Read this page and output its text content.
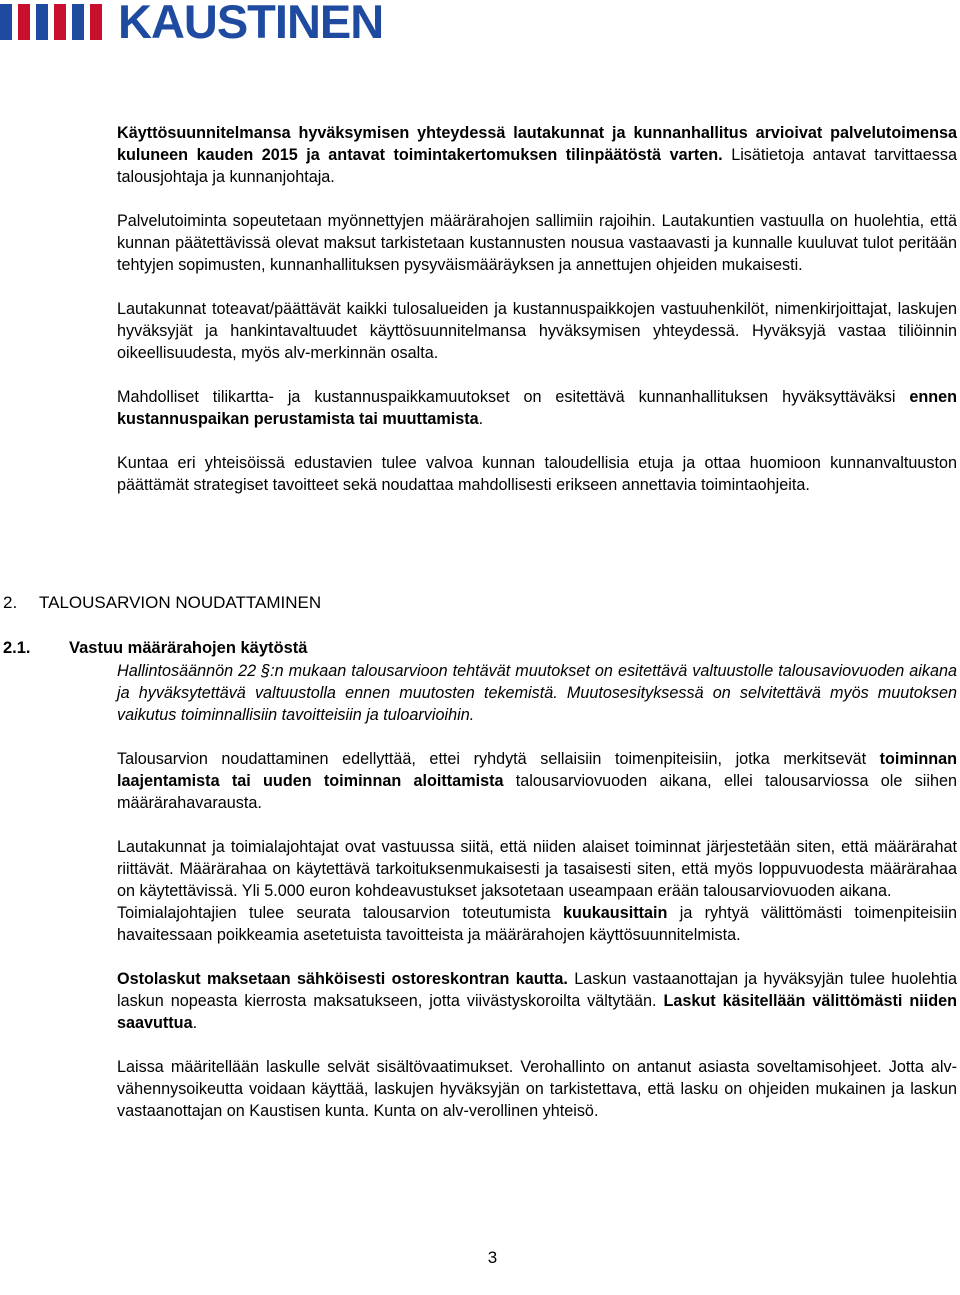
KAUSTINEN

Käyttösuunnitelmansa hyväksymisen yhteydessä lautakunnat ja kunnanhallitus arvioivat palvelutoimensa kuluneen kauden 2015 ja antavat toimintakertomuksen tilinpäätöstä varten. Lisätietoja antavat tarvittaessa talousjohtaja ja kunnanjohtaja.

Palvelutoiminta sopeutetaan myönnettyjen määrärahojen sallimiin rajoihin. Lautakuntien vastuulla on huolehtia, että kunnan päätettävissä olevat maksut tarkistetaan kustannusten nousua vastaavasti ja kunnalle kuuluvat tulot peritään tehtyjen sopimusten, kunnanhallituksen pysyväismääräyksen ja annettujen ohjeiden mukaisesti.

Lautakunnat toteavat/päättävät kaikki tulosalueiden ja kustannuspaikkojen vastuuhenkilöt, nimenkirjoittajat, laskujen hyväksyjät ja hankintavaltuudet käyttösuunnitelmansa hyväksymisen yhteydessä. Hyväksyjä vastaa tiliöinnin oikeellisuudesta, myös alv-merkinnän osalta.

Mahdolliset tilikartta- ja kustannuspaikkamuutokset on esitettävä kunnanhallituksen hyväksyttäväksi ennen kustannuspaikan perustamista tai muuttamista.

Kuntaa eri yhteisöissä edustavien tulee valvoa kunnan taloudellisia etuja ja ottaa huomioon kunnanvaltuuston päättämät strategiset tavoitteet sekä noudattaa mahdollisesti erikseen annettavia toimintaohjeita.

2. TALOUSARVION NOUDATTAMINEN
2.1. Vastuu määrärahojen käytöstä

Hallintosäännön 22 §:n mukaan talousarvioon tehtävät muutokset on esitettävä valtuustolle talousaviovuoden aikana ja hyväksytettävä valtuustolla ennen muutosten tekemistä. Muutosesityksessä on selvitettävä myös muutoksen vaikutus toiminnallisiin tavoitteisiin ja tuloarvioihin.

Talousarvion noudattaminen edellyttää, ettei ryhdytä sellaisiin toimenpiteisiin, jotka merkitsevät toiminnan laajentamista tai uuden toiminnan aloittamista talousarviovuoden aikana, ellei talousarviossa ole siihen määrärahavarausta.

Lautakunnat ja toimialajohtajat ovat vastuussa siitä, että niiden alaiset toiminnat järjestetään siten, että määrärahat riittävät. Määrärahaa on käytettävä tarkoituksenmukaisesti ja tasaisesti siten, että myös loppuvuodesta määrärahaa on käytettävissä. Yli 5.000 euron kohdeavustukset jaksotetaan useampaan erään talousarviovuoden aikana.

Toimialajohtajien tulee seurata talousarvion toteutumista kuukausittain ja ryhtyä välittömästi toimenpiteisiin havaitessaan poikkeamia asetetuista tavoitteista ja määrärahojen käyttösuunnitelmista.

Ostolaskut maksetaan sähköisesti ostoreskontran kautta. Laskun vastaanottajan ja hyväksyjän tulee huolehtia laskun nopeasta kierrosta maksatukseen, jotta viivästyskoroilta vältytään. Laskut käsitellään välittömästi niiden saavuttua.

Laissa määritellään laskulle selvät sisältövaatimukset. Verohallinto on antanut asiasta soveltamisohjeet. Jotta alv-vähennysoikeutta voidaan käyttää, laskujen hyväksyjän on tarkistettava, että lasku on ohjeiden mukainen ja laskun vastaanottajan on Kaustisen kunta. Kunta on alv-verollinen yhteisö.

3
